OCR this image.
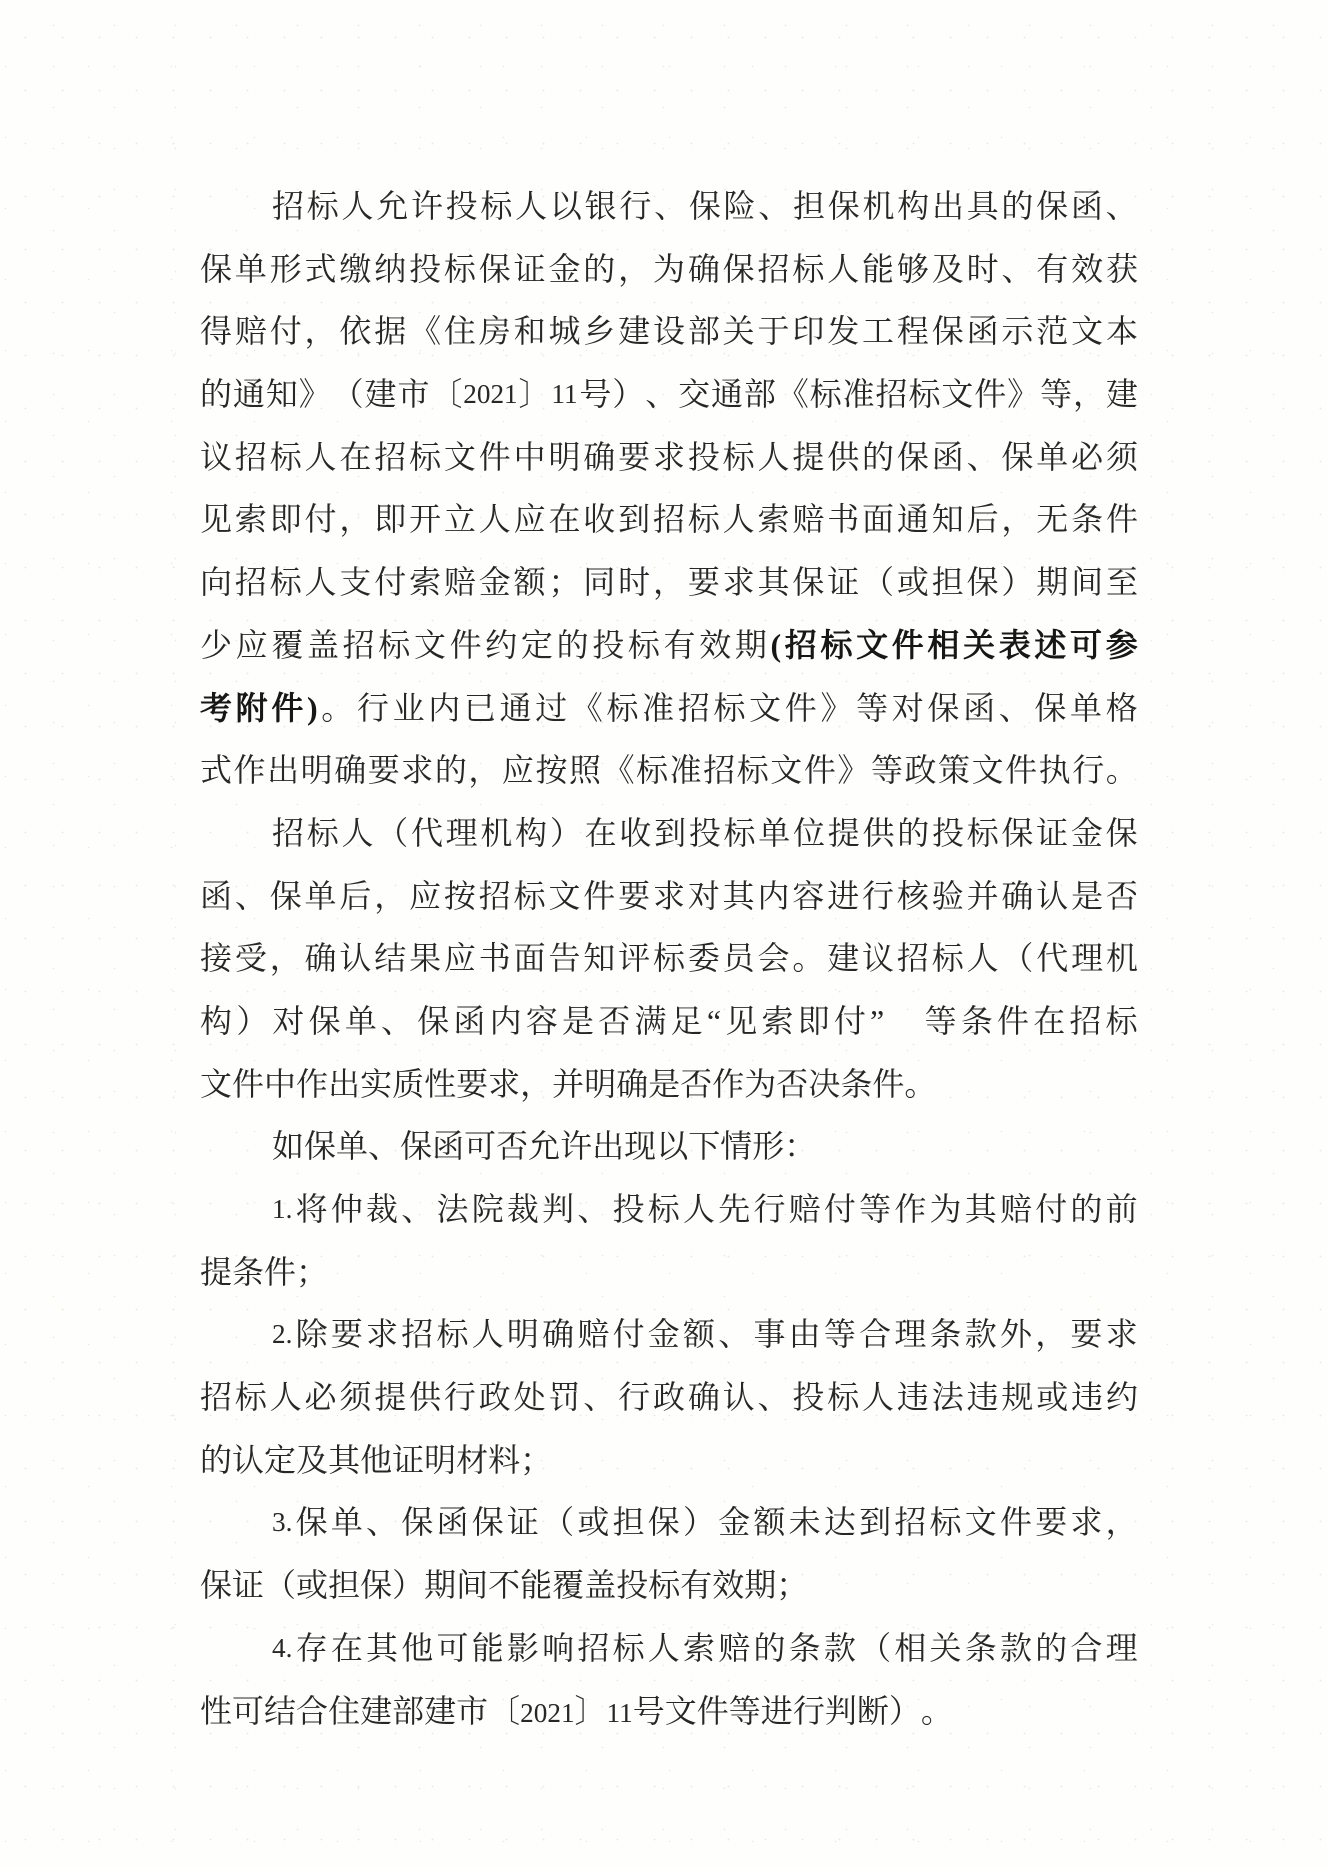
招 标 人 允 许 投 标 人 以 银 行 、 保 险 、 担 保 机 构 出 具 的 保 函 、
保 单 形 式 缴 纳 投 标 保 证 金 的 ， 为 确 保 招 标 人 能 够 及 时 、 有 效 获
得 赔 付 ， 依 据 《 住 房 和 城 乡 建 设 部 关 于 印 发 工 程 保 函 示 范 文 本
的 通 知 》 （ 建 市 〔 2021 〕 11 号 ） 、 交 通 部 《 标 准 招 标 文 件 》 等 ， 建
议 招 标 人 在 招 标 文 件 中 明 确 要 求 投 标 人 提 供 的 保 函 、 保 单 必 须
见 索 即 付 ， 即 开 立 人 应 在 收 到 招 标 人 索 赔 书 面 通 知 后 ， 无 条 件
向 招 标 人 支 付 索 赔 金 额 ； 同 时 ， 要 求 其 保 证 （ 或 担 保 ） 期 间 至
少 应 覆 盖 招 标 文 件 约 定 的 投 标 有 效 期 ( 招 标 文 件 相 关 表 述 可 参
考 附 件 ) 。 行 业 内 已 通 过 《 标 准 招 标 文 件 》 等 对 保 函 、 保 单 格
式 作 出 明 确 要 求 的 ， 应 按 照 《 标 准 招 标 文 件 》 等 政 策 文 件 执 行 。
招 标 人 （ 代 理 机 构 ） 在 收 到 投 标 单 位 提 供 的 投 标 保 证 金 保
函 、 保 单 后 ， 应 按 招 标 文 件 要 求 对 其 内 容 进 行 核 验 并 确 认 是 否
接 受 ， 确 认 结 果 应 书 面 告 知 评 标 委 员 会 。 建 议 招 标 人 （ 代 理 机
构 ） 对 保 单 、 保 函 内 容 是 否 满 足 “ 见 索 即 付 ”
　 等 条 件 在 招 标
文件中作出实质性要求，并明确是否作为否决条件。
如保单、保函可否允许出现以下情形：
1. 将 仲 裁 、 法 院 裁 判 、 投 标 人 先 行 赔 付 等 作 为 其 赔 付 的 前
提条件；
2. 除 要 求 招 标 人 明 确 赔 付 金 额 、 事 由 等 合 理 条 款 外 ， 要 求
招 标 人 必 须 提 供 行 政 处 罚 、 行 政 确 认 、 投 标 人 违 法 违 规 或 违 约
的认定及其他证明材料；
3. 保 单 、 保 函 保 证 （ 或 担 保 ） 金 额 未 达 到 招 标 文 件 要 求 ，
保证（或担保）期间不能覆盖投标有效期；
4. 存 在 其 他 可 能 影 响 招 标 人 索 赔 的 条 款 （ 相 关 条 款 的 合 理
性可结合住建部建市〔2021〕11号文件等进行判断）。
